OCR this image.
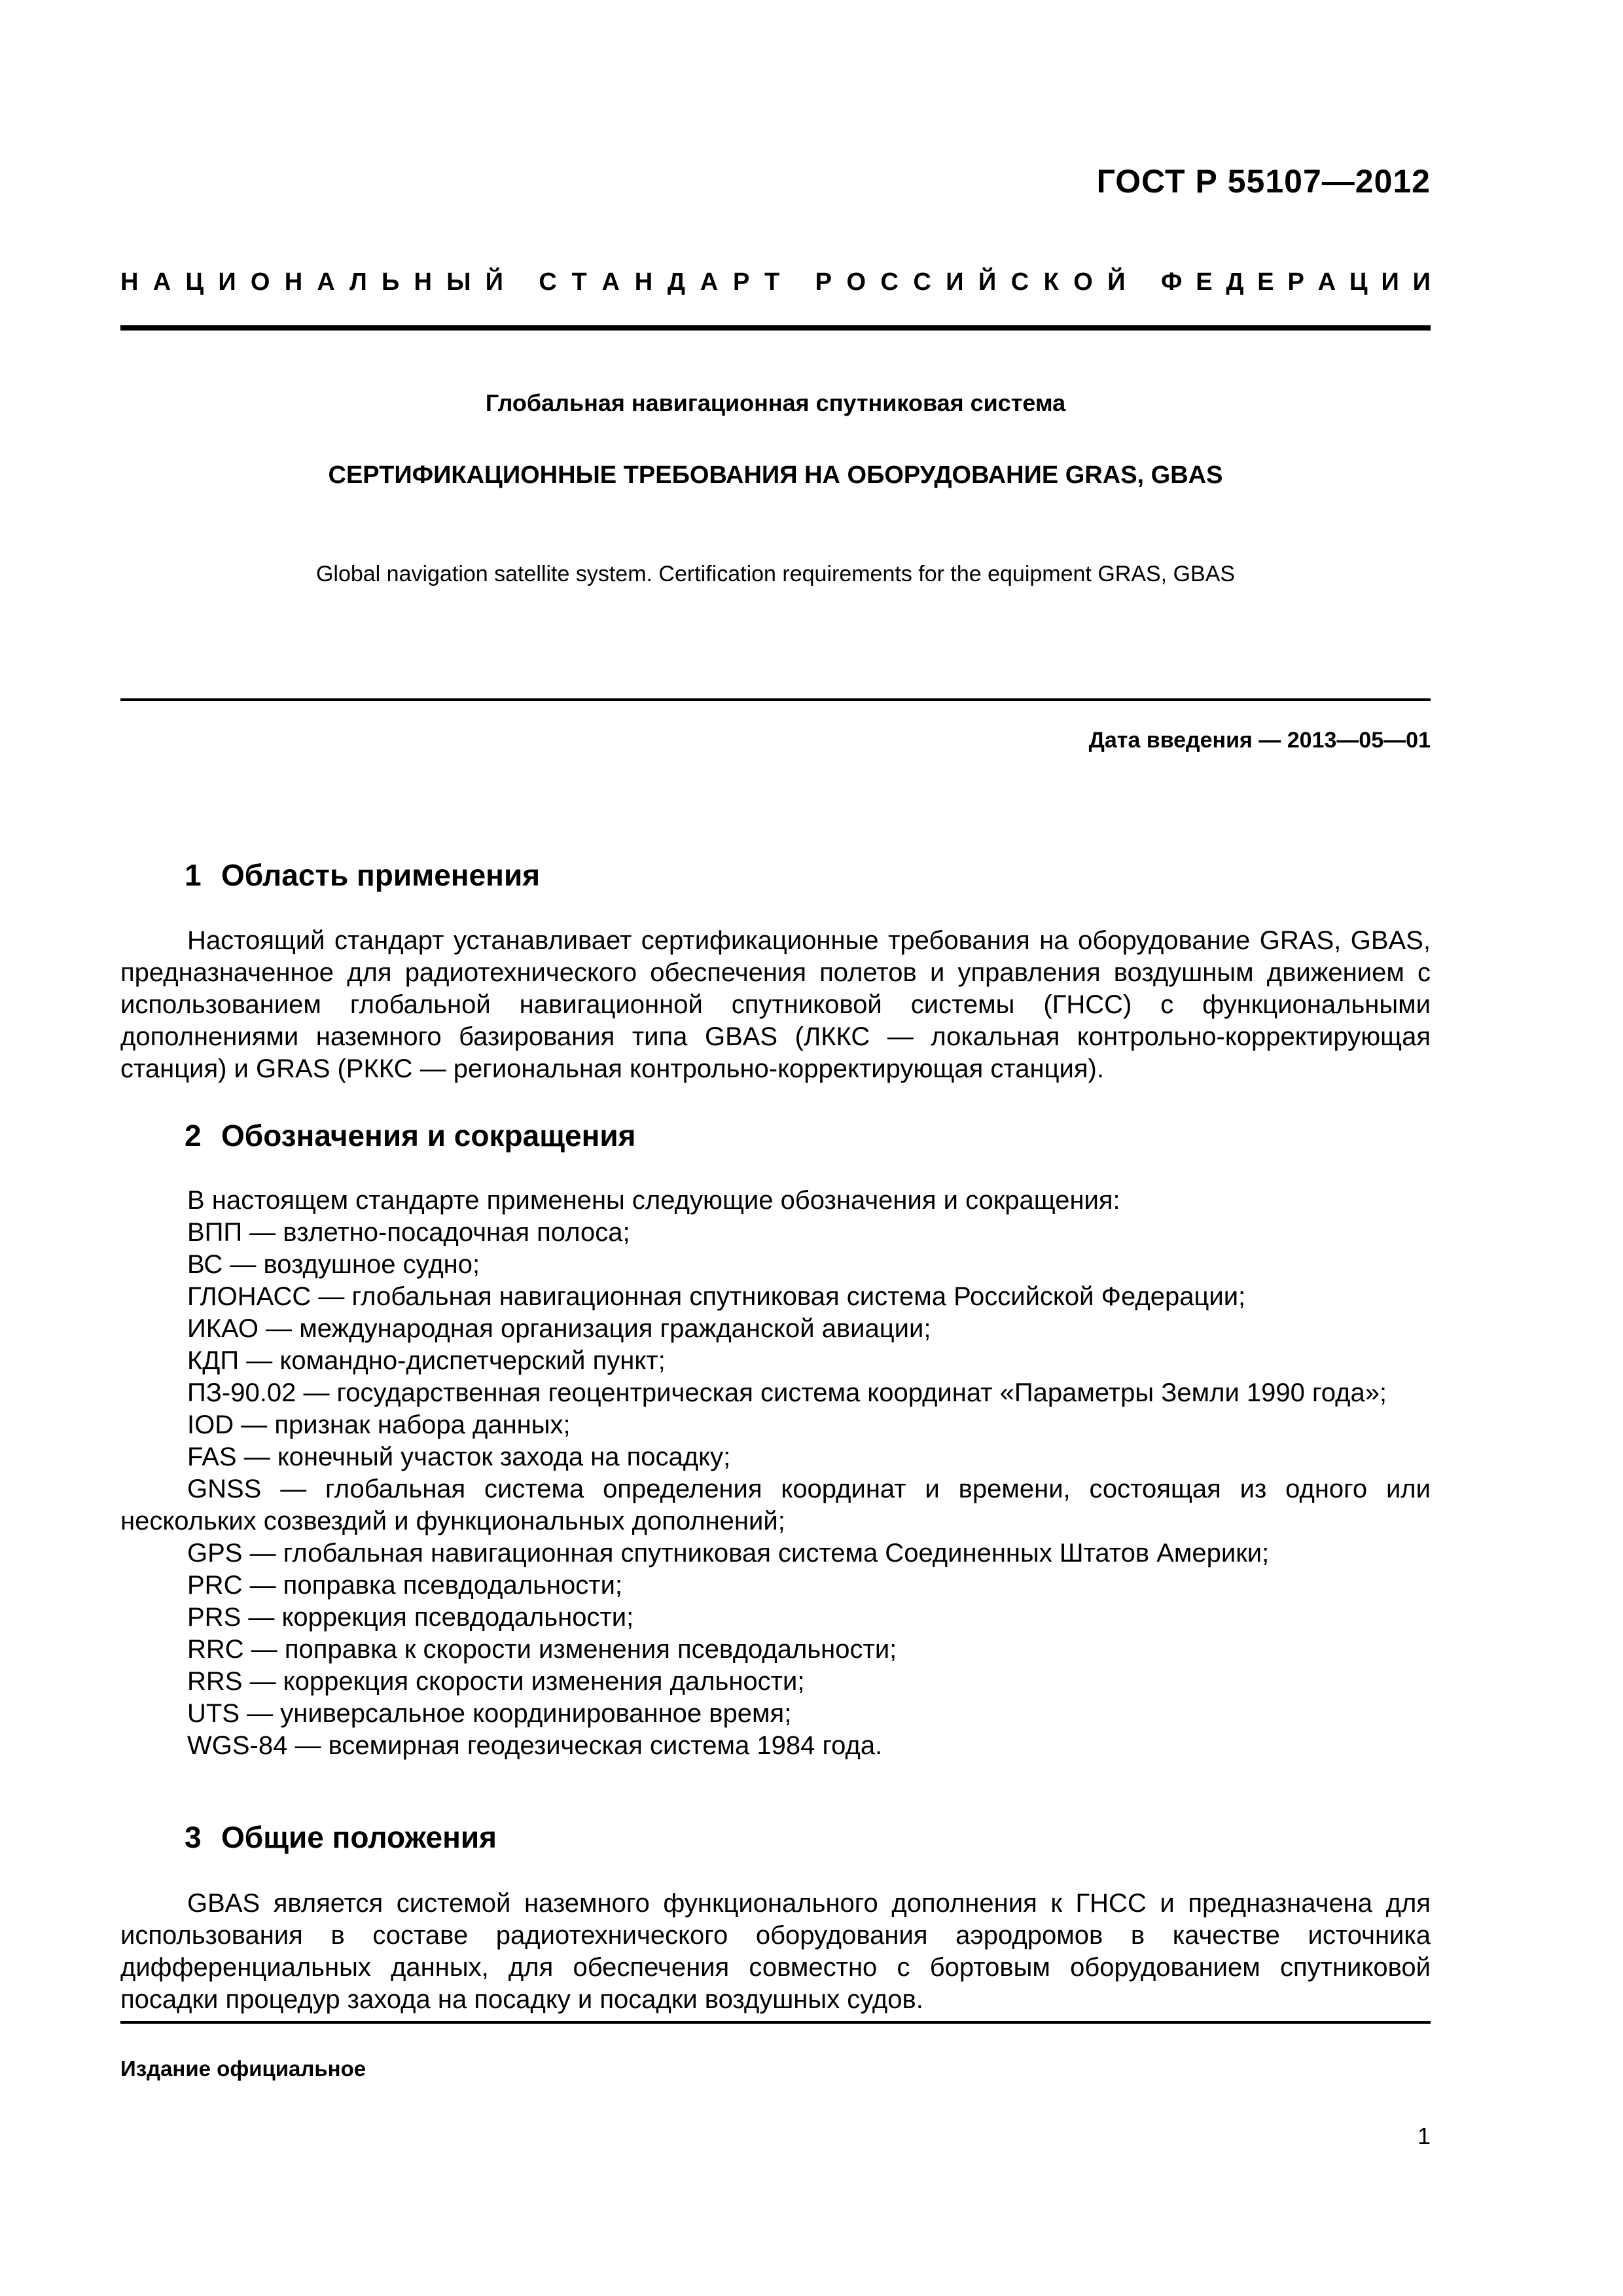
ГОСТ Р 55107—2012
Н А Ц И О Н А Л Ь Н Ы Й С Т А Н Д А Р Т Р О С С И Й С К О Й Ф Е Д Е Р А Ц И И
Глобальная навигационная спутниковая система
СЕРТИФИКАЦИОННЫЕ ТРЕБОВАНИЯ НА ОБОРУДОВАНИЕ GRAS, GBAS
Global navigation satellite system. Certification requirements for the equipment GRAS, GBAS
Дата введения — 2013—05—01
1 Область применения
Настоящий стандарт устанавливает сертификационные требования на оборудование GRAS, GBAS, предназначенное для радиотехнического обеспечения полетов и управления воздушным движением с использованием глобальной навигационной спутниковой системы (ГНСС) с функциональными дополнениями наземного базирования типа GBAS (ЛККС — локальная контрольно-корректирующая станция) и GRAS (РККС — региональная контрольно-корректирующая станция).
2 Обозначения и сокращения
В настоящем стандарте применены следующие обозначения и сокращения:
ВПП — взлетно-посадочная полоса;
ВС — воздушное судно;
ГЛОНАСС — глобальная навигационная спутниковая система Российской Федерации;
ИКАО — международная организация гражданской авиации;
КДП — командно-диспетчерский пункт;
ПЗ-90.02 — государственная геоцентрическая система координат «Параметры Земли 1990 года»;
IOD — признак набора данных;
FAS — конечный участок захода на посадку;
GNSS — глобальная система определения координат и времени, состоящая из одного или нескольких созвездий и функциональных дополнений;
GPS — глобальная навигационная спутниковая система Соединенных Штатов Америки;
PRC — поправка псевдодальности;
PRS — коррекция псевдодальности;
RRC — поправка к скорости изменения псевдодальности;
RRS — коррекция скорости изменения дальности;
UTS — универсальное координированное время;
WGS-84 — всемирная геодезическая система 1984 года.
3 Общие положения
GBAS является системой наземного функционального дополнения к ГНСС и предназначена для использования в составе радиотехнического оборудования аэродромов в качестве источника дифференциальных данных, для обеспечения совместно с бортовым оборудованием спутниковой посадки процедур захода на посадку и посадки воздушных судов.
Издание официальное
1
